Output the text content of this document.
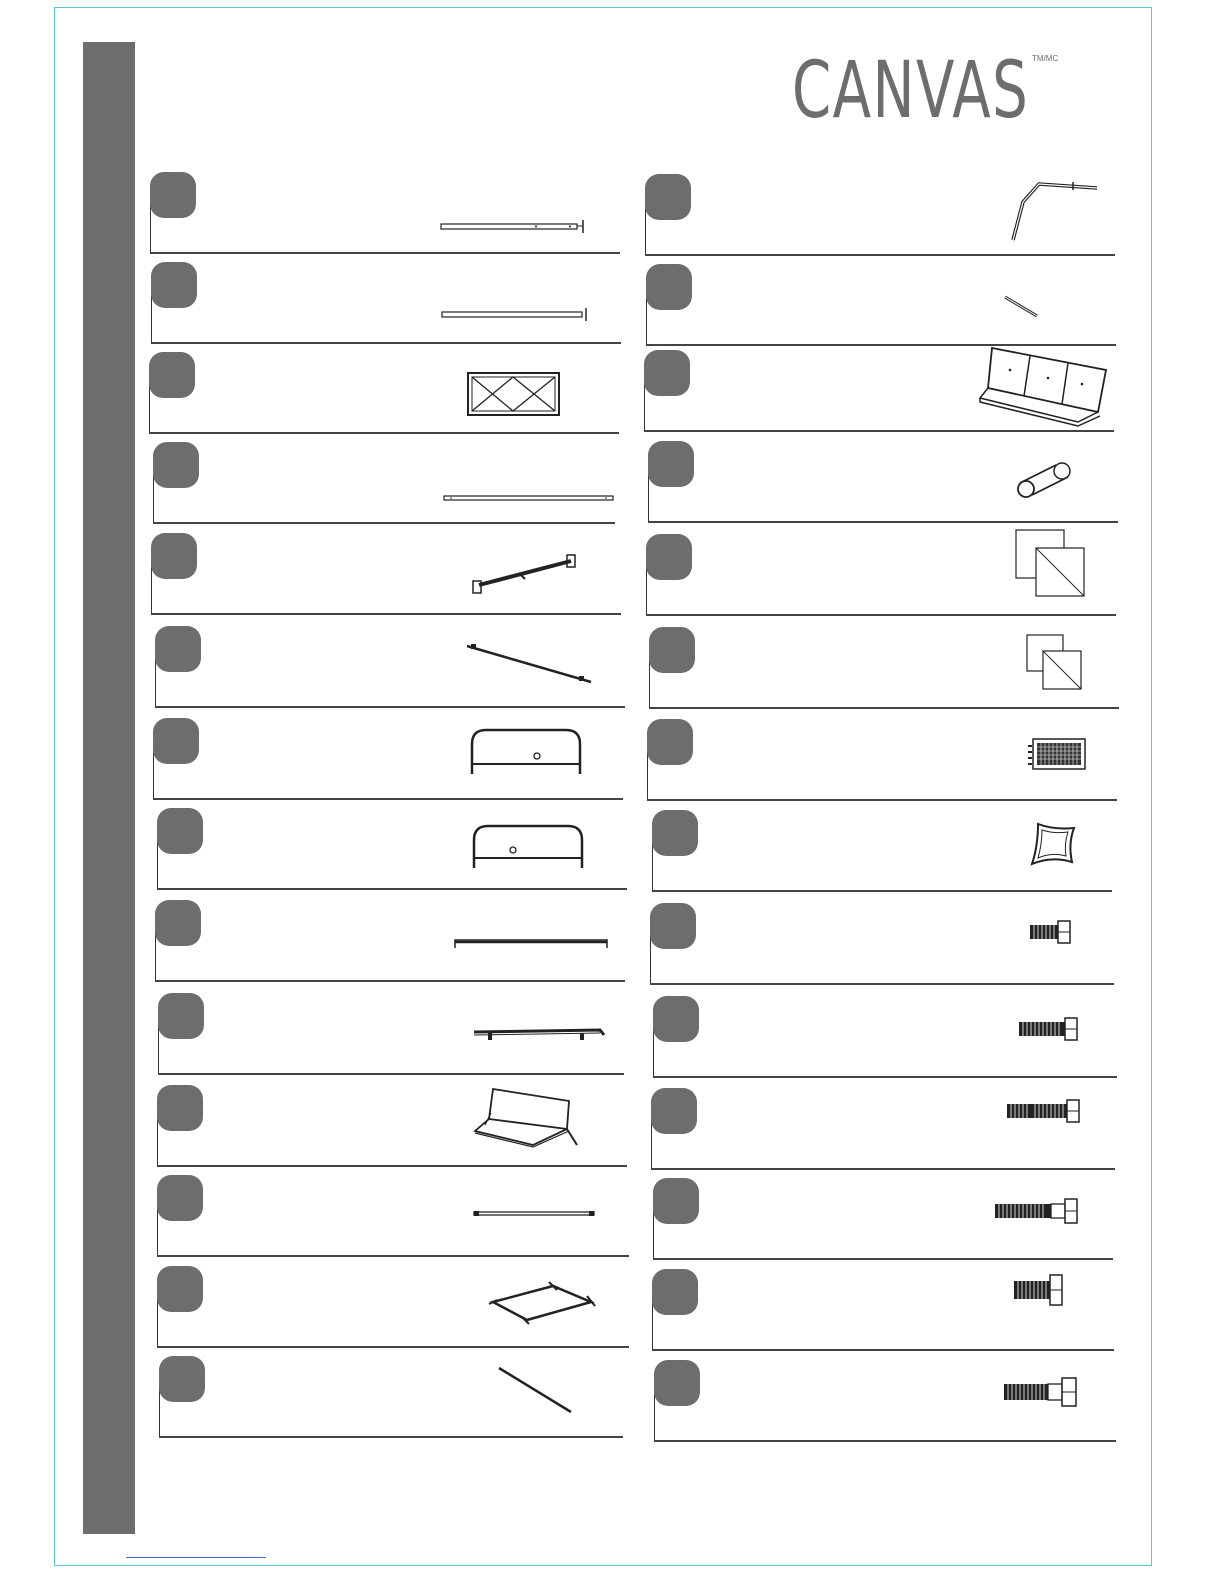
CANVAS TM/MC
